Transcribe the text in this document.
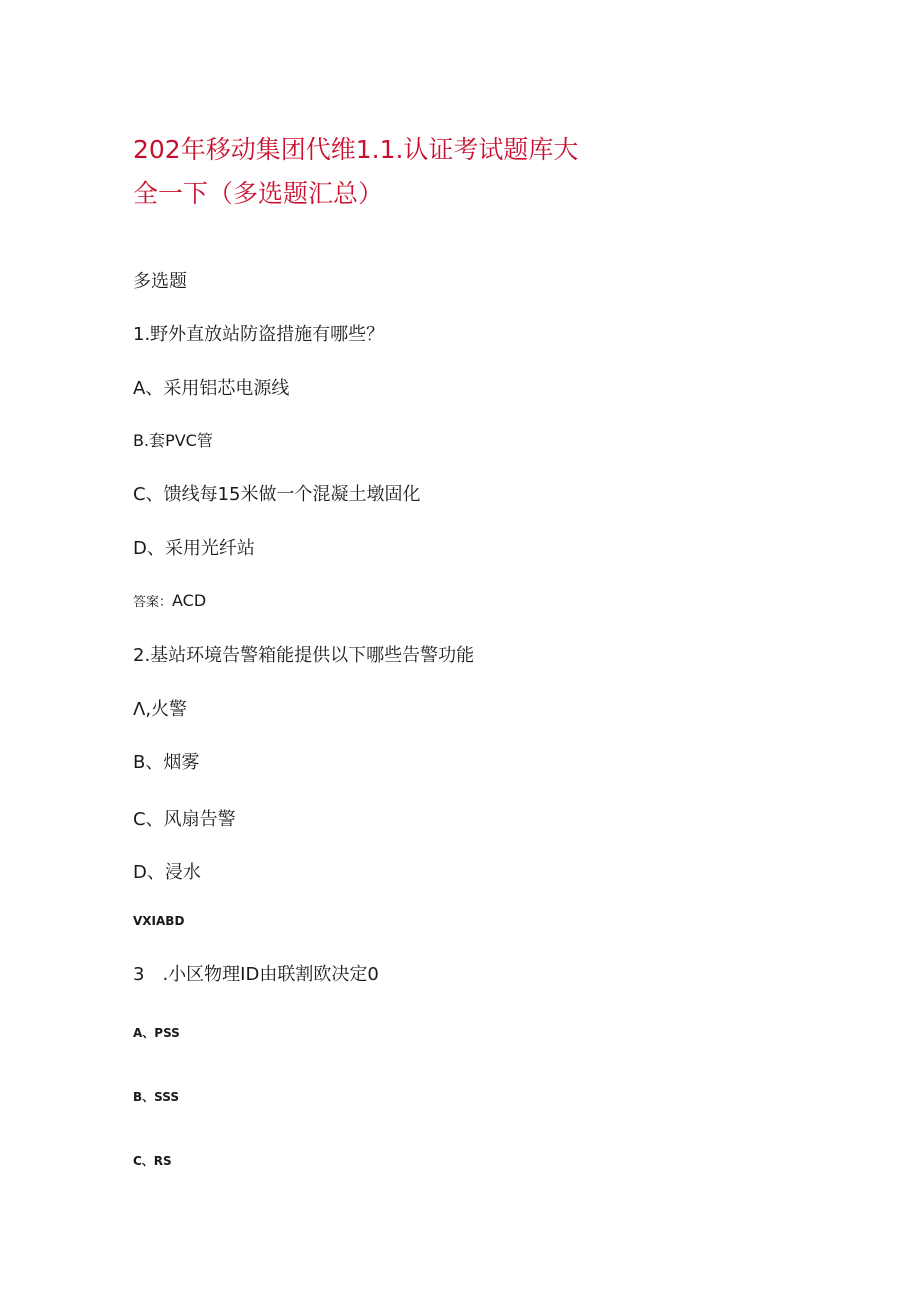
202年移动集团代维1.1.认证考试题库大全一下（多选题汇总）

多选题

1.野外直放站防盗措施有哪些？

A、采用铝芯电源线

B.套PVC管

C、馈线每15米做一个混凝土墩固化

D、采用光纤站

答案：ACD

2.基站环境告警箱能提供以下哪些告警功能

Λ,火警

B、烟雾

C、风扇告警

D、浸水

VXIABD

3　.小区物理ID由联割欧决定0

A、PSS

B、SSS

C、RS
